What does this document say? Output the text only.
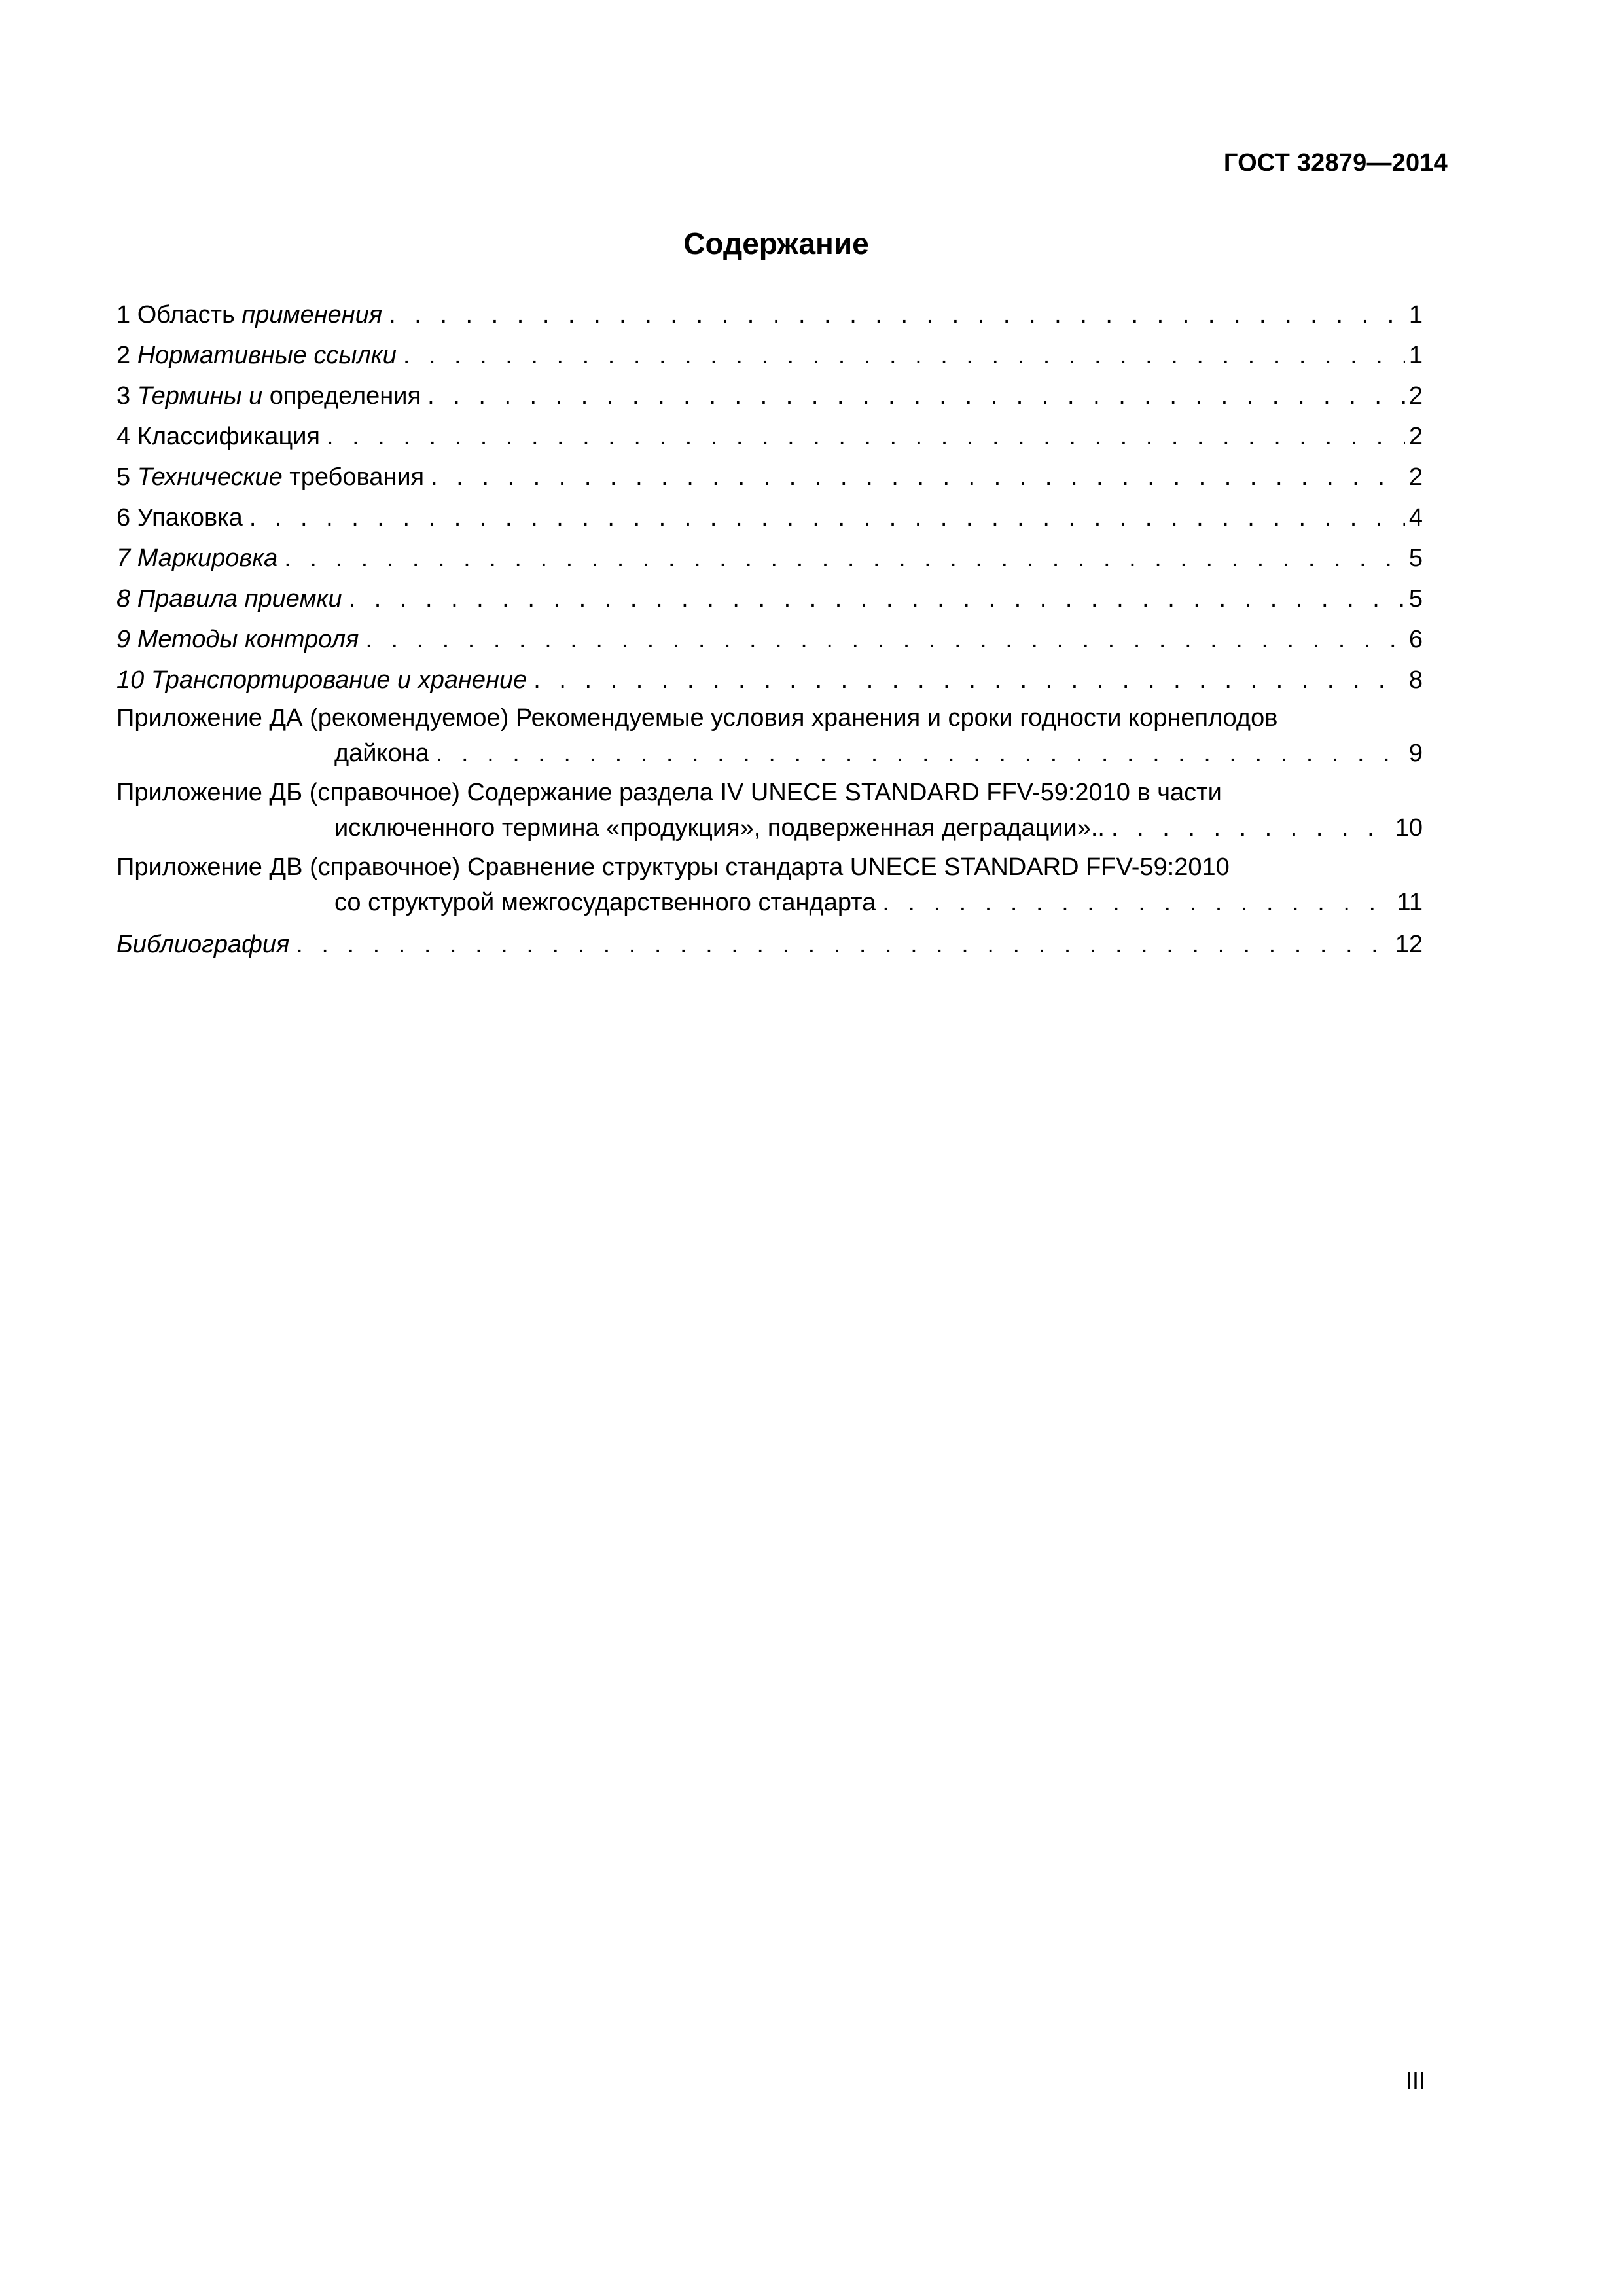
ГОСТ 32879—2014
Содержание
1 Область применения . . .	1
2 Нормативные ссылки . . .	1
3 Термины и определения . . .	2
4 Классификация . . .	2
5 Технические требования . . .	2
6 Упаковка . . .	4
7 Маркировка . . .	5
8 Правила приемки . . .	5
9 Методы контроля . . .	6
10 Транспортирование и хранение . . .	8
Приложение ДА (рекомендуемое) Рекомендуемые условия хранения и сроки годности корнеплодов
дайкона . . .	9
Приложение ДБ (справочное) Содержание раздела IV UNECE STANDARD FFV-59:2010 в части
исключенного термина «продукция», подверженная деградации».. . . .	10
Приложение ДВ (справочное) Сравнение структуры стандарта UNECE STANDARD FFV-59:2010
со структурой межгосударственного стандарта . . .	11
Библиография . . .	12
III
